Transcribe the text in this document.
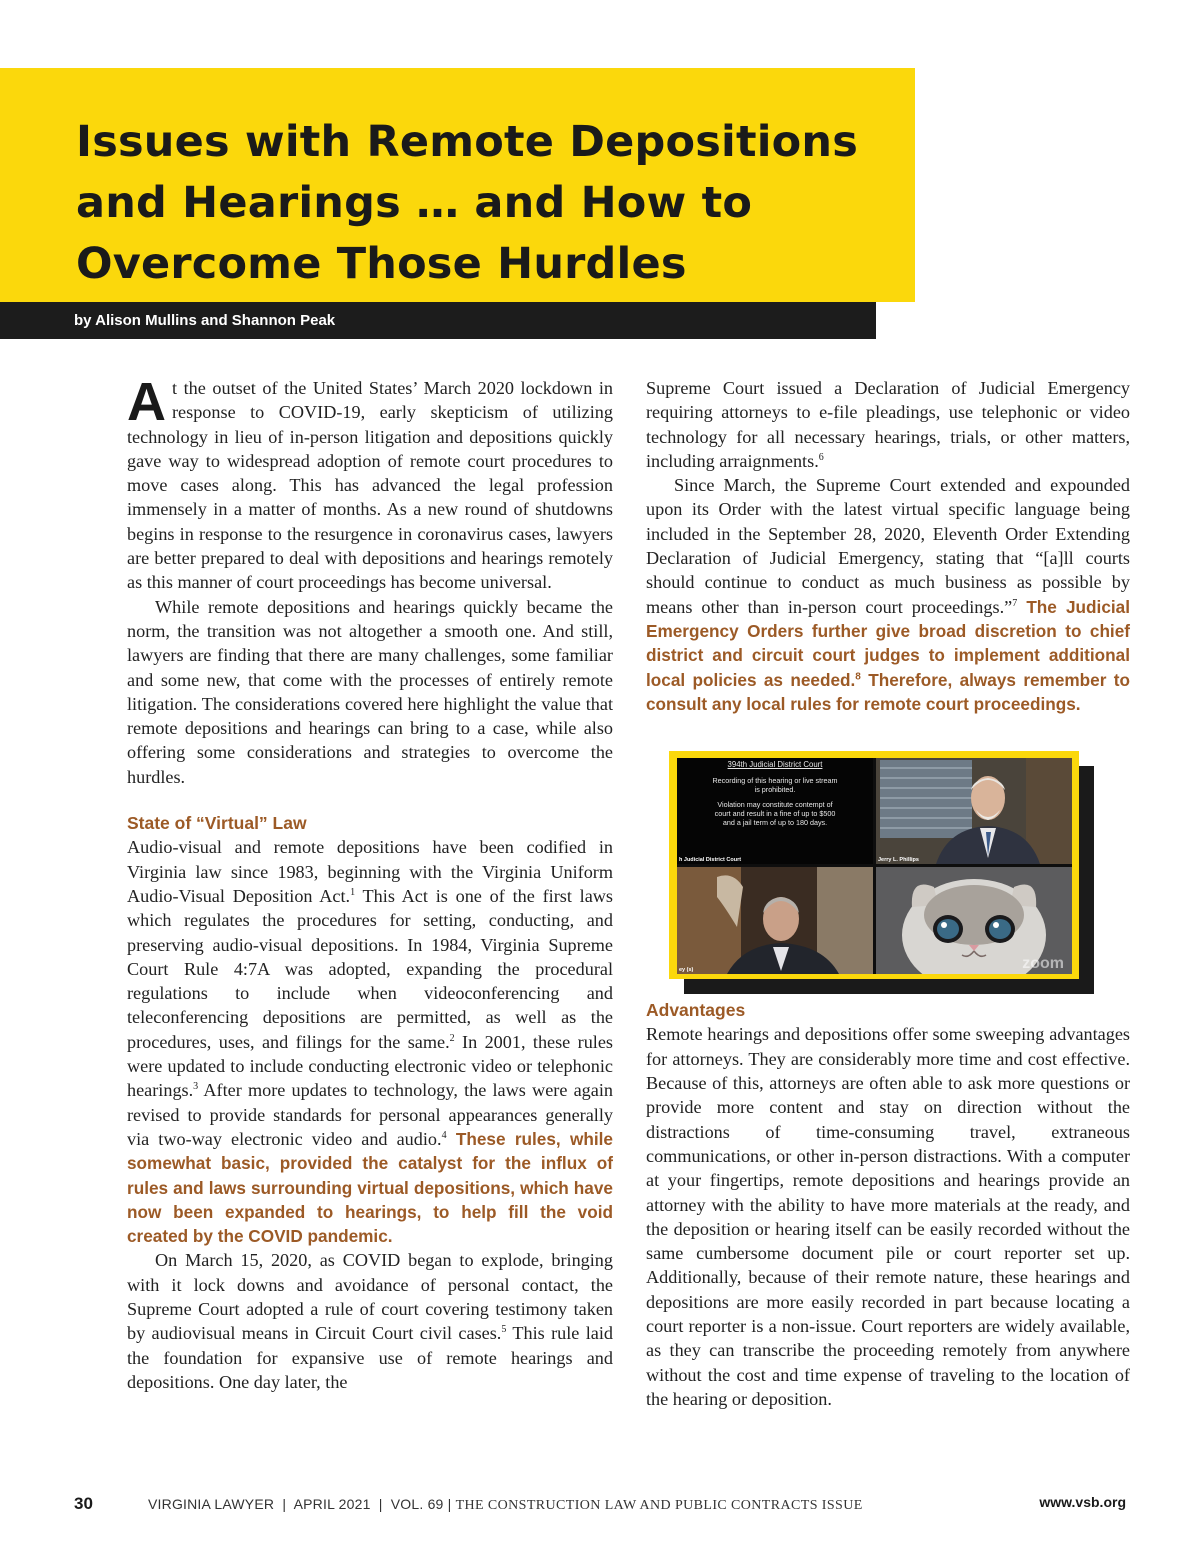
Issues with Remote Depositions
and Hearings … and How to
Overcome Those Hurdles
by Alison Mullins and Shannon Peak

At the outset of the United States’ March 2020 lockdown in response to COVID-19, early skepticism of utilizing technology in lieu of in-person litigation and depositions quickly gave way to widespread adoption of remote court procedures to move cases along. This has advanced the legal profession immensely in a matter of months. As a new round of shutdowns begins in response to the resurgence in coronavirus cases, lawyers are better prepared to deal with depositions and hearings remotely as this manner of court proceedings has become universal.

While remote depositions and hearings quickly became the norm, the transition was not altogether a smooth one. And still, lawyers are finding that there are many challenges, some familiar and some new, that come with the processes of entirely remote litigation. The considerations covered here highlight the value that remote depositions and hearings can bring to a case, while also offering some considerations and strategies to overcome the hurdles.

State of “Virtual” Law

Audio-visual and remote depositions have been codified in Virginia law since 1983, beginning with the Virginia Uniform Audio-Visual Deposition Act.$^1$ This Act is one of the first laws which regulates the procedures for setting, conducting, and preserving audio-visual depositions. In 1984, Virginia Supreme Court Rule 4:7A was adopted, expanding the procedural regulations to include when videoconferencing and teleconferencing depositions are permitted, as well as the procedures, uses, and filings for the same.$^2$ In 2001, these rules were updated to include conducting electronic video or telephonic hearings.$^3$ After more updates to technology, the laws were again revised to provide standards for personal appearances generally via two-way electronic video and audio.$^4$ These rules, while somewhat basic, provided the catalyst for the influx of rules and laws surrounding virtual depositions, which have now been expanded to hearings, to help fill the void created by the COVID pandemic.

On March 15, 2020, as COVID began to explode, bringing with it lock downs and avoidance of personal contact, the Supreme Court adopted a rule of court covering testimony taken by audiovisual means in Circuit Court civil cases.$^5$ This rule laid the foundation for expansive use of remote hearings and depositions. One day later, the

Supreme Court issued a Declaration of Judicial Emergency requiring attorneys to e-file pleadings, use telephonic or video technology for all necessary hearings, trials, or other matters, including arraignments.$^6$

Since March, the Supreme Court extended and expounded upon its Order with the latest virtual specific language being included in the September 28, 2020, Eleventh Order Extending Declaration of Judicial Emergency, stating that “[a]ll courts should continue to conduct as much business as possible by means other than in-person court proceedings.”$^7$ The Judicial Emergency Orders further give broad discretion to chief district and circuit court judges to implement additional local policies as needed.$^8$ Therefore, always remember to consult any local rules for remote court proceedings.

Advantages

Remote hearings and depositions offer some sweeping advantages for attorneys. They are considerably more time and cost effective. Because of this, attorneys are often able to ask more questions or provide more content and stay on direction without the distractions of time-consuming travel, extraneous communications, or other in-person distractions. With a computer at your fingertips, remote depositions and hearings provide an attorney with the ability to have more materials at the ready, and the deposition or hearing itself can be easily recorded without the same cumbersome document pile or court reporter set up. Additionally, because of their remote nature, these hearings and depositions are more easily recorded in part because locating a court reporter is a non-issue. Court reporters are widely available, as they can transcribe the proceeding remotely from anywhere without the cost and time expense of traveling to the location of the hearing or deposition.

394th Judicial District Court
Recording of this hearing or live stream
is prohibited.
Violation may constitute contempt of
court and result in a fine of up to $500
and a jail term of up to 180 days.
h Judicial District Court	Jerry L. Phillips
ey (s)	zoom
30	VIRGINIA LAWYER  |  APRIL 2021  |  VOL. 69 | THE CONSTRUCTION LAW AND PUBLIC CONTRACTS ISSUE	www.vsb.org
